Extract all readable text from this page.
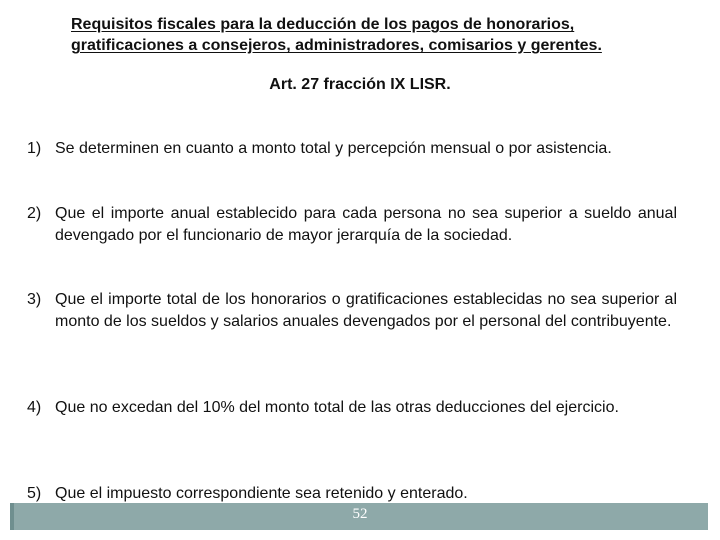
Requisitos fiscales para la deducción de los pagos de honorarios, gratificaciones a consejeros, administradores, comisarios y gerentes.
Art. 27 fracción IX LISR.
1) Se determinen en cuanto a monto total y percepción mensual o por asistencia.
2) Que el importe anual establecido para cada persona no sea superior a sueldo anual devengado por el funcionario de mayor jerarquía de la sociedad.
3) Que el importe total de los honorarios o gratificaciones establecidas no sea superior al monto de los sueldos y salarios anuales devengados por el personal del contribuyente.
4) Que no excedan del 10% del monto total de las otras deducciones del ejercicio.
5) Que el impuesto correspondiente sea retenido y enterado.
52
